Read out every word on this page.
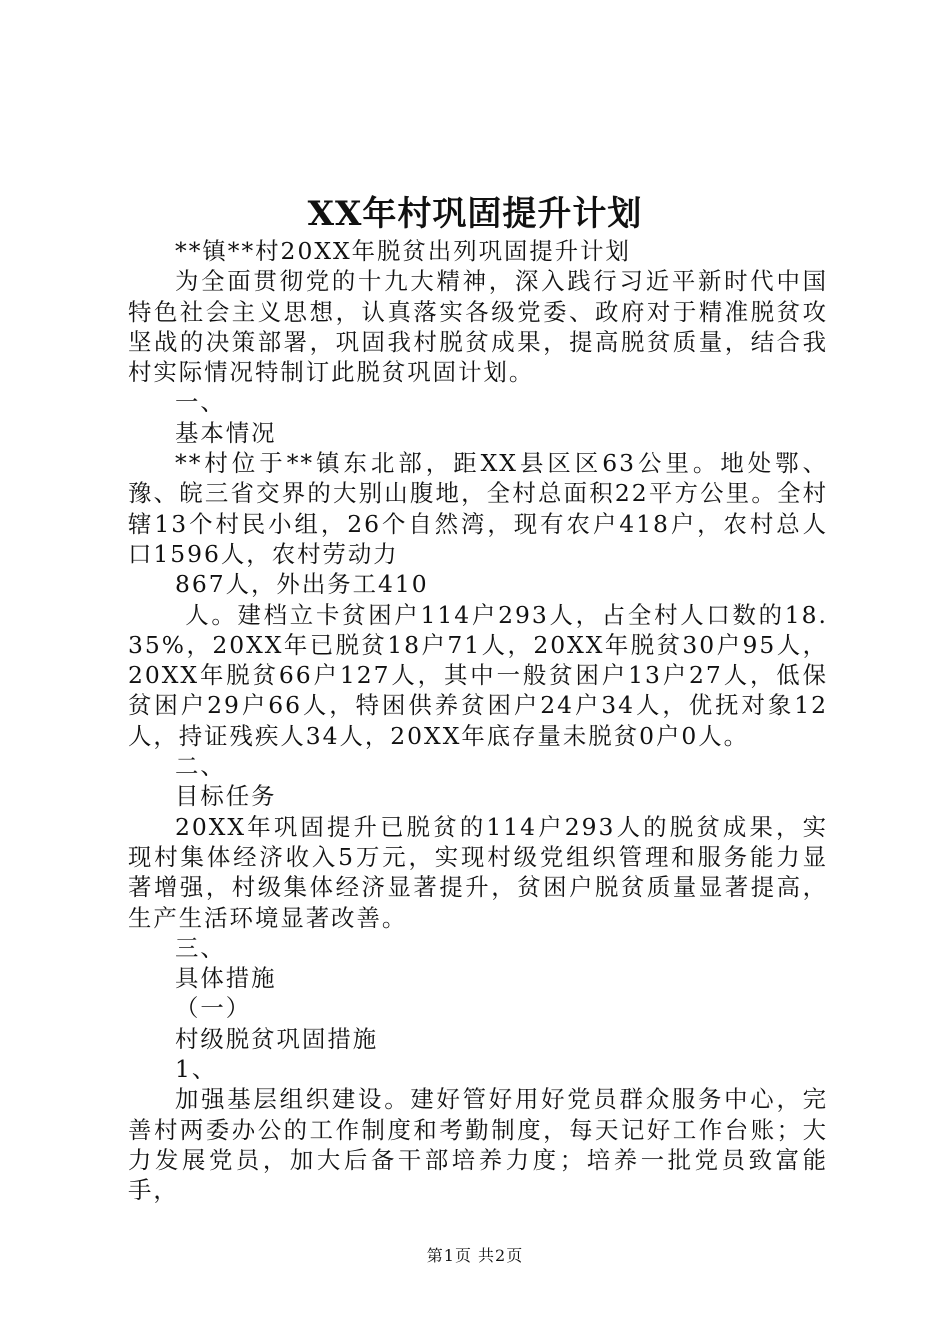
XX年村巩固提升计划

**镇**村20XX年脱贫出列巩固提升计划

为全面贯彻党的十九大精神，深入践行习近平新时代中国特色社会主义思想，认真落实各级党委、政府对于精准脱贫攻坚战的决策部署，巩固我村脱贫成果，提高脱贫质量，结合我村实际情况特制订此脱贫巩固计划。

一、

基本情况

**村位于**镇东北部，距XX县区区63公里。地处鄂、豫、皖三省交界的大别山腹地，全村总面积22平方公里。全村辖13个村民小组，26个自然湾，现有农户418户，农村总人口1596人，农村劳动力

867人，外出务工410

人。建档立卡贫困户114户293人，占全村人口数的18.35%，20XX年已脱贫18户71人，20XX年脱贫30户95人，20XX年脱贫66户127人，其中一般贫困户13户27人，低保贫困户29户66人，特困供养贫困户24户34人，优抚对象12人，持证残疾人34人，20XX年底存量未脱贫0户0人。

二、

目标任务

20XX年巩固提升已脱贫的114户293人的脱贫成果，实现村集体经济收入5万元，实现村级党组织管理和服务能力显著增强，村级集体经济显著提升，贫困户脱贫质量显著提高，生产生活环境显著改善。

三、

具体措施

（一）

村级脱贫巩固措施

1、

加强基层组织建设。建好管好用好党员群众服务中心，完善村两委办公的工作制度和考勤制度，每天记好工作台账；大力发展党员，加大后备干部培养力度；培养一批党员致富能手，

第1页 共2页
